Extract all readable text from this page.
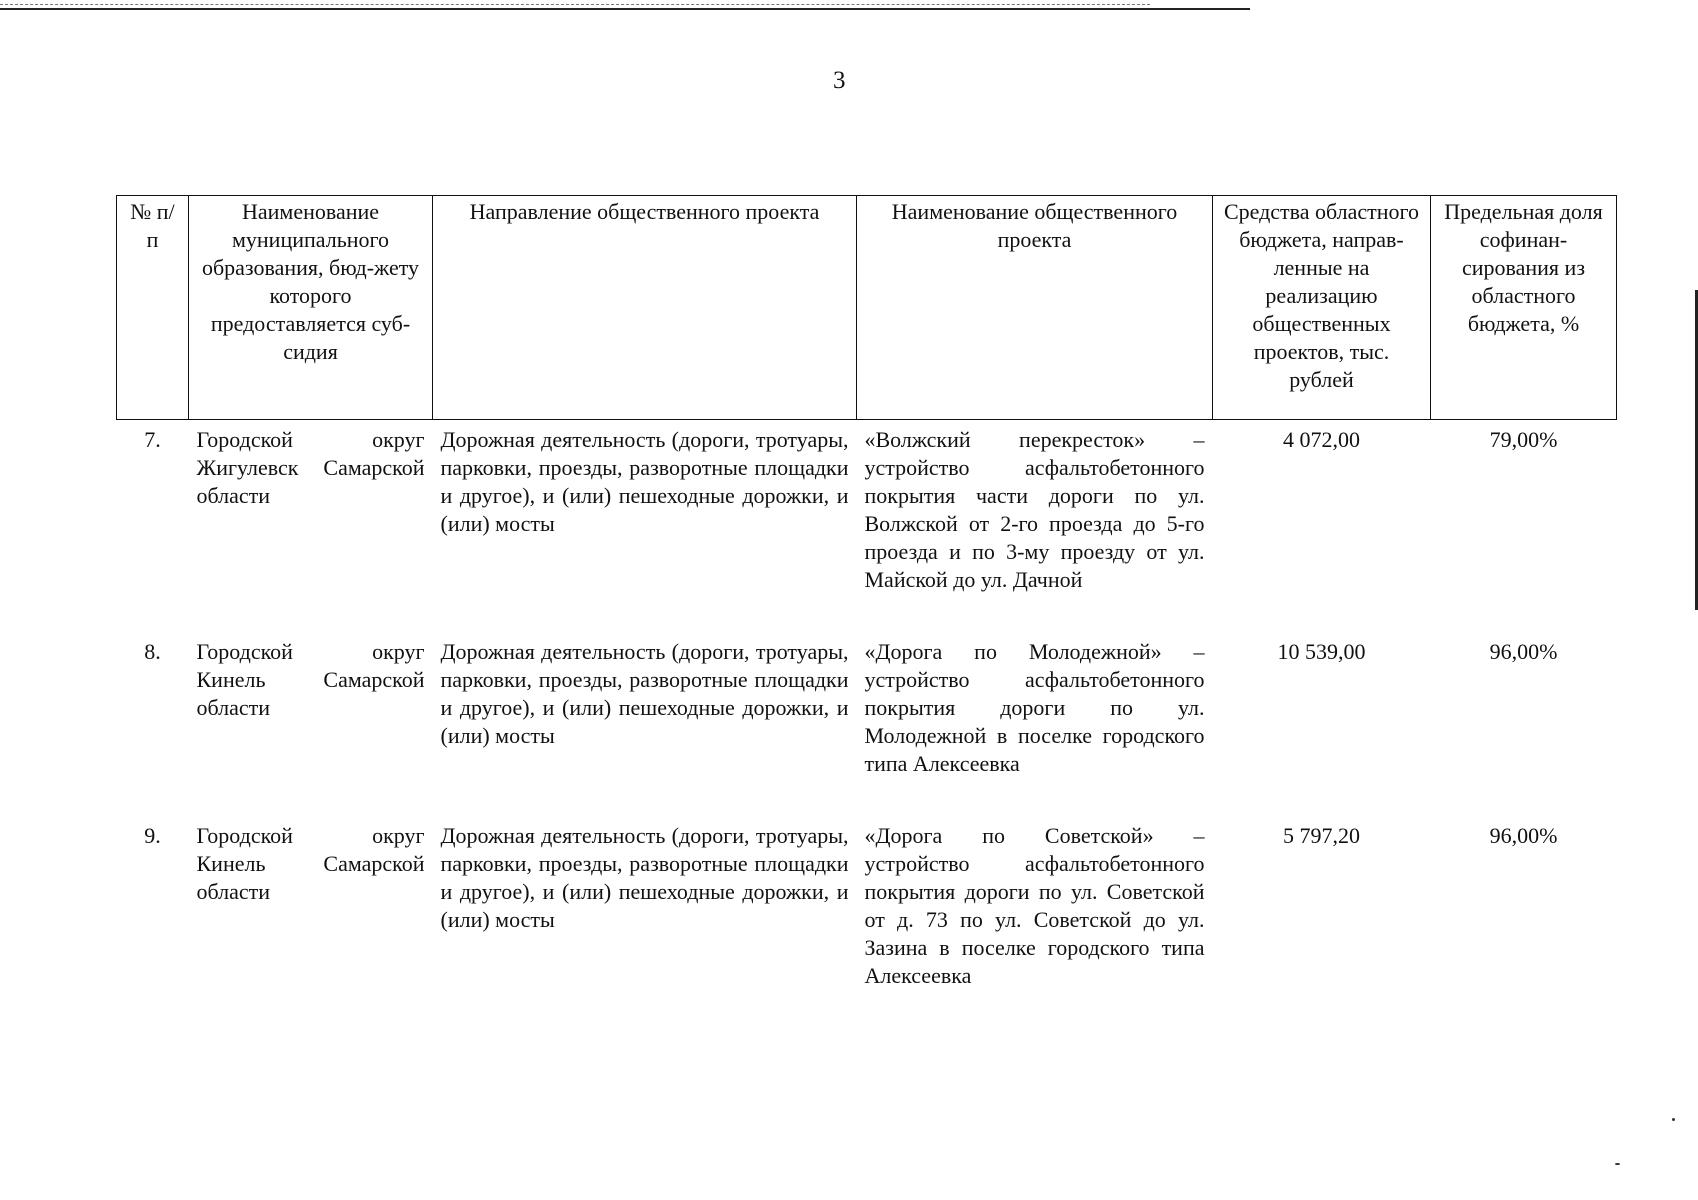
3
№ п/п	Наименование муниципального образования, бюд-жету которого предоставляется суб-сидия	Направление общественного проекта	Наименование общественного проекта	Средства областного бюджета, направ-ленные на реализацию общественных проектов, тыс. рублей	Предельная доля софинан-сирования из областного бюджета, %
7.	Городской округ Жигулевск Самарской области	Дорожная деятельность (дороги, тротуары, парковки, проезды, разворотные площадки и другое), и (или) пешеходные дорожки, и (или) мосты	«Волжский перекресток» – устройство асфальтобетонного покрытия части дороги по ул. Волжской от 2-го проезда до 5-го проезда и по 3-му проезду от ул. Майской до ул. Дачной	4 072,00	79,00%
8.	Городской округ Кинель Самарской области	Дорожная деятельность (дороги, тротуары, парковки, проезды, разворотные площадки и другое), и (или) пешеходные дорожки, и (или) мосты	«Дорога по Молодежной» – устройство асфальтобетонного покрытия дороги по ул. Молодежной в поселке городского типа Алексеевка	10 539,00	96,00%
9.	Городской округ Кинель Самарской области	Дорожная деятельность (дороги, тротуары, парковки, проезды, разворотные площадки и другое), и (или) пешеходные дорожки, и (или) мосты	«Дорога по Советской» – устройство асфальтобетонного покрытия дороги по ул. Советской от д. 73 по ул. Советской до ул. Зазина в поселке городского типа Алексеевка	5 797,20	96,00%
